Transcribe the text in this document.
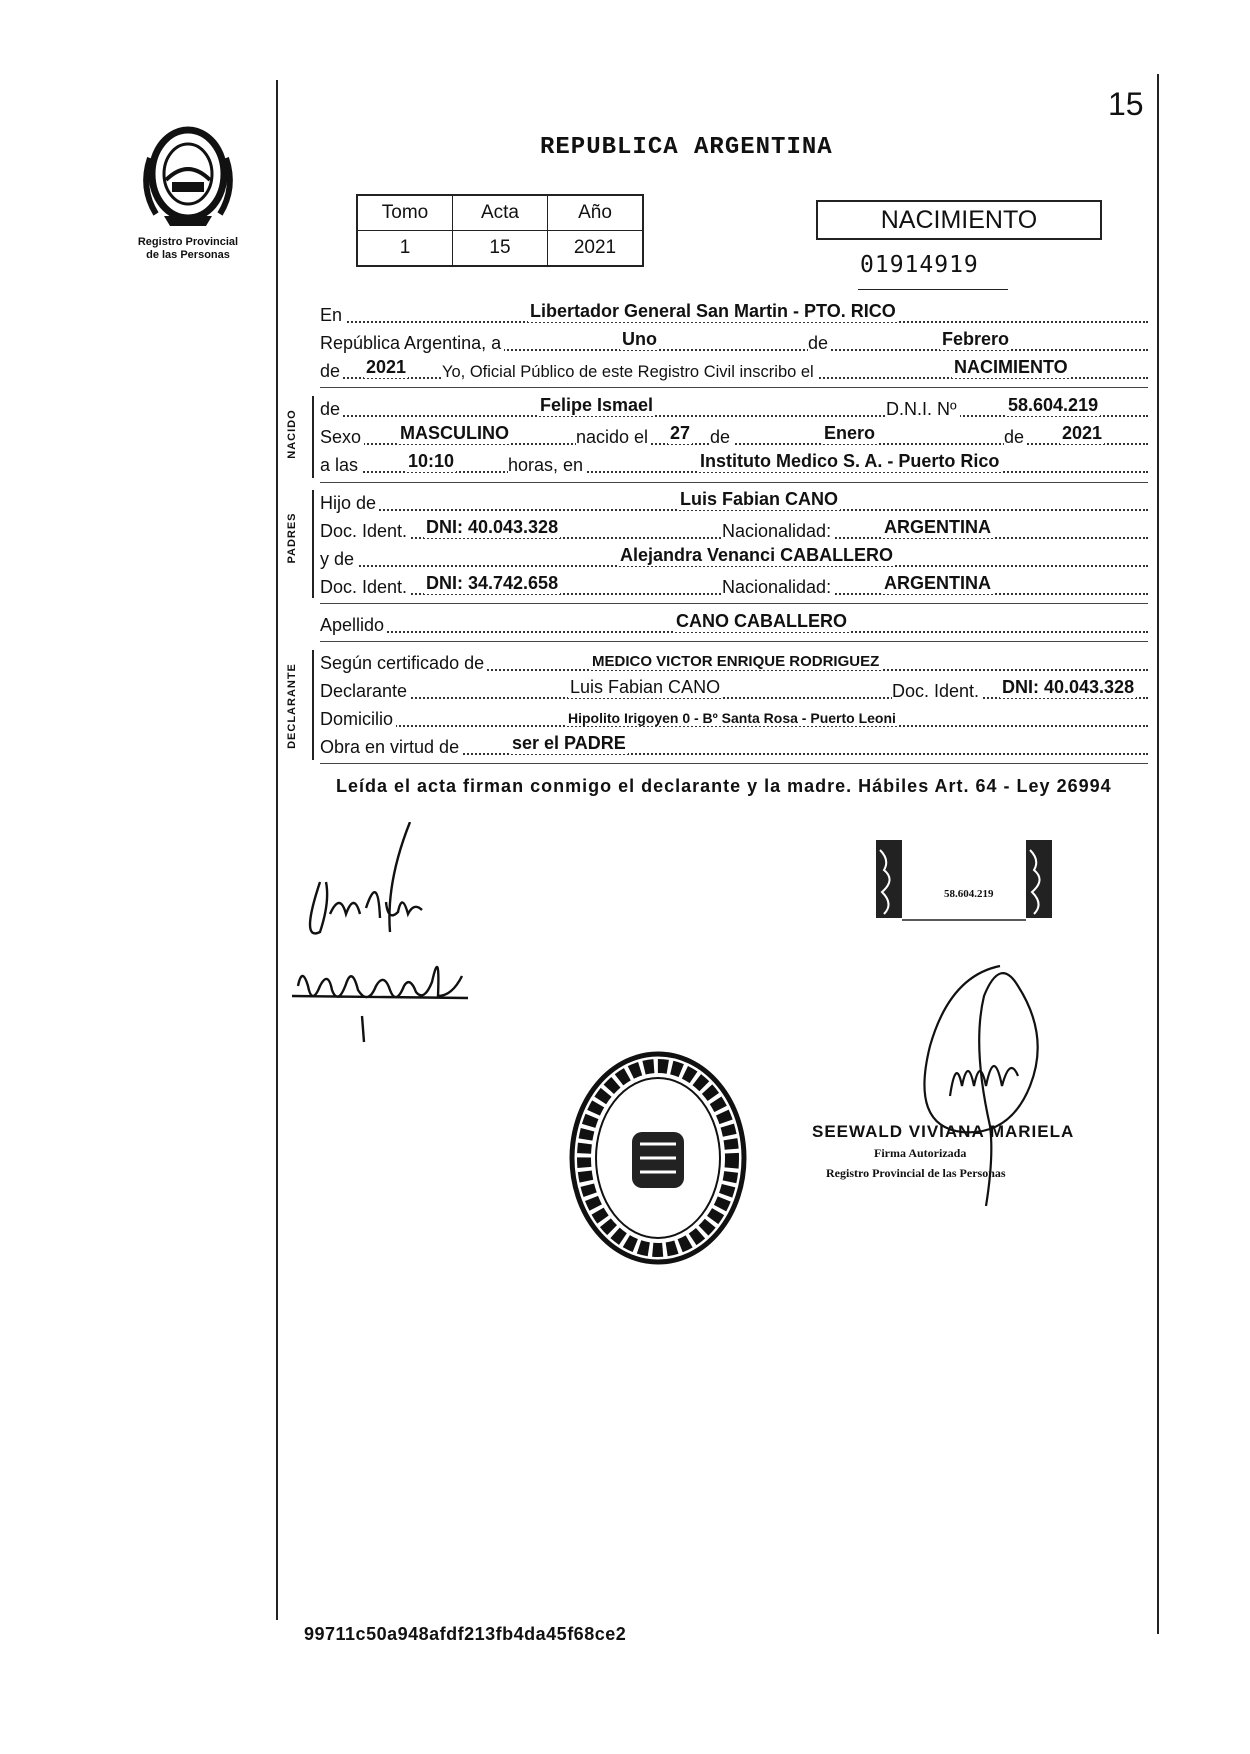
15
Registro Provincial
de las Personas
REPUBLICA ARGENTINA
Tomo	Acta	Año
1	15	2021
NACIMIENTO
01914919
En	Libertador General San Martin - PTO. RICO
República Argentina, a	Uno	de	Febrero
de 2021 Yo, Oficial Público de este Registro Civil inscribo el	NACIMIENTO
NACIDO
de	Felipe Ismael	D.N.I. Nº	58.604.219
Sexo MASCULINO	nacido el 27 de	Enero	de 2021
a las	10:10	horas, en	Instituto Medico S. A. - Puerto Rico
PADRES
Hijo de	Luis Fabian CANO
Doc. Ident. DNI: 40.043.328	Nacionalidad:	ARGENTINA
y de	Alejandra Venanci CABALLERO
Doc. Ident. DNI: 34.742.658	Nacionalidad:	ARGENTINA
Apellido	CANO CABALLERO
DECLARANTE
Según certificado de	MEDICO VICTOR ENRIQUE RODRIGUEZ
Declarante	Luis Fabian CANO	Doc. Ident. DNI: 40.043.328
Domicilio	Hipolito Irigoyen 0 - Bº Santa Rosa - Puerto Leoni
Obra en virtud de	ser el PADRE
Leída el acta firman conmigo el declarante y la madre. Hábiles Art. 64 - Ley 26994
58.604.219
SEEWALD VIVIANA MARIELA
Firma Autorizada
Registro Provincial de las Personas
99711c50a948afdf213fb4da45f68ce2
